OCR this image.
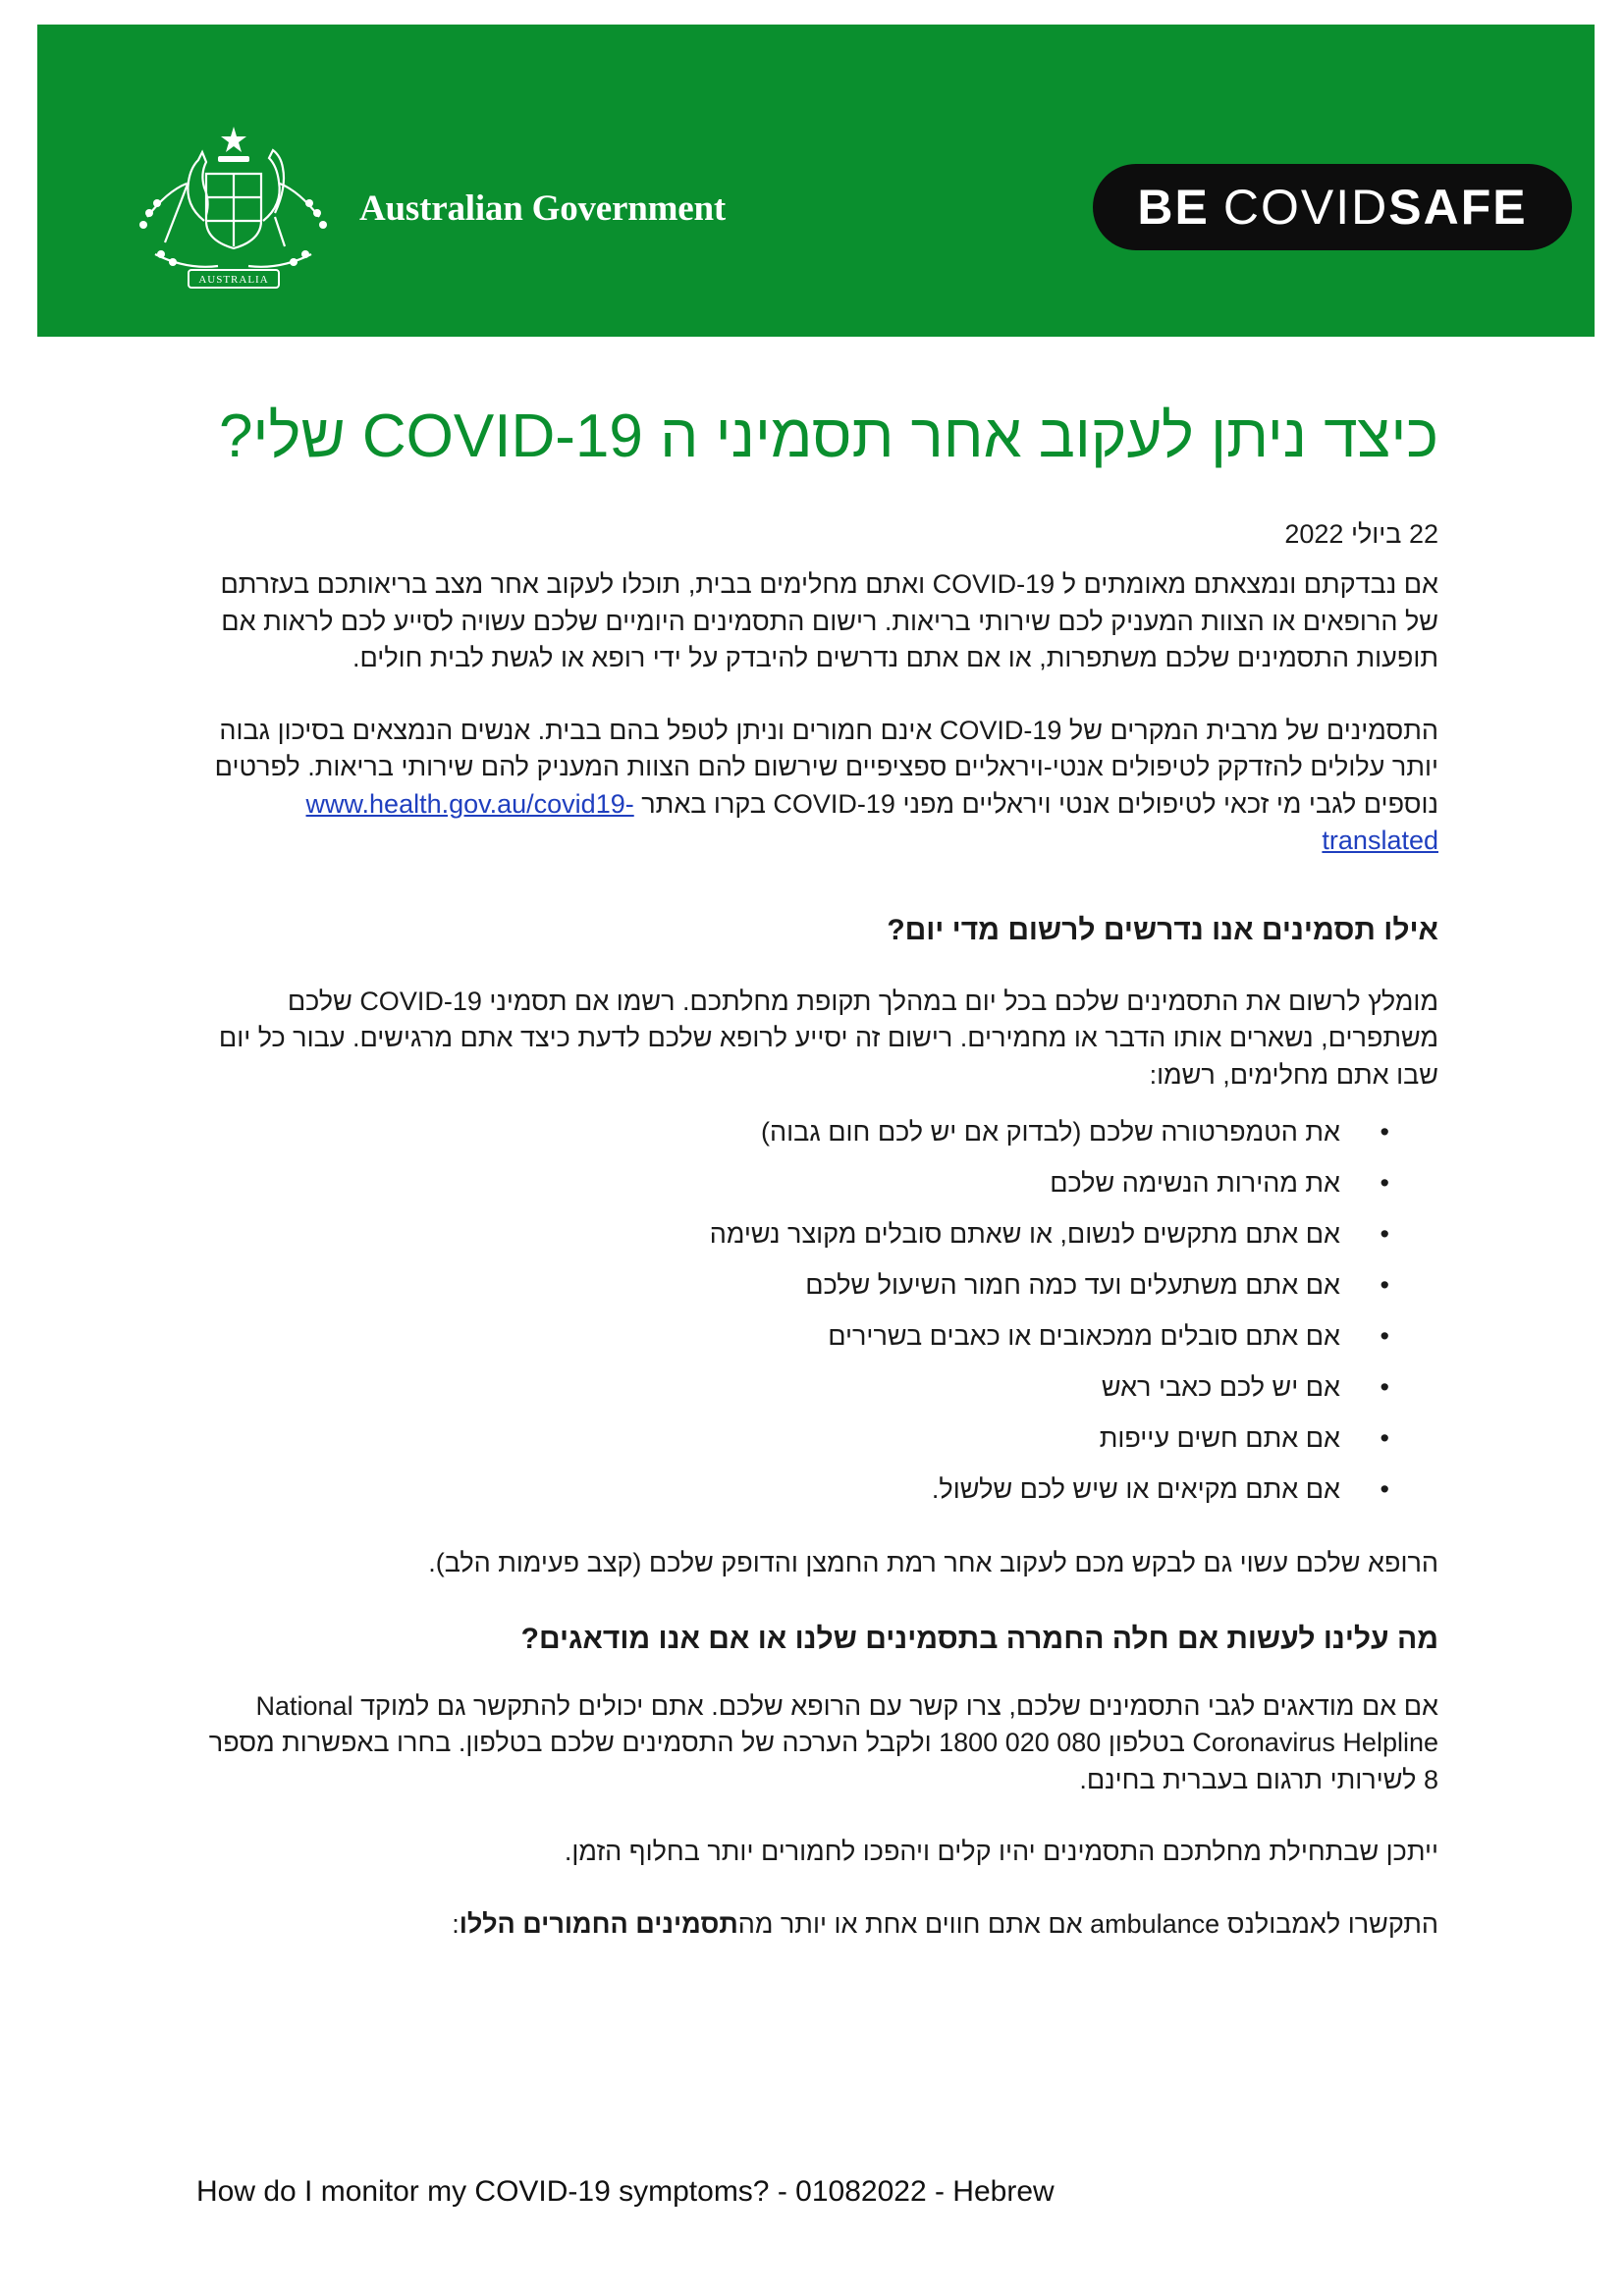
AUSTRALIA
Australian Government	BE COVID SAFE
כיצד ניתן לעקוב אחר תסמיני ה COVID-19 שלי?
22 ביולי 2022

אם נבדקתם ונמצאתם מאומתים ל COVID-19 ואתם מחלימים בבית, תוכלו לעקוב אחר מצב בריאותכם בעזרתם של הרופאים או הצוות המעניק לכם שירותי בריאות. רישום התסמינים היומיים שלכם עשויה לסייע לכם לראות אם תופעות התסמינים שלכם משתפרות, או אם אתם נדרשים להיבדק על ידי רופא או לגשת לבית חולים.

התסמינים של מרבית המקרים של COVID-19 אינם חמורים וניתן לטפל בהם בבית. אנשים הנמצאים בסיכון גבוה יותר עלולים להזדקק לטיפולים אנטי-ויראליים ספציפיים שירשום להם הצוות המעניק להם שירותי בריאות. לפרטים נוספים לגבי מי זכאי לטיפולים אנטי ויראליים מפני COVID-19 בקרו באתר www.health.gov.au/covid19-translated

אילו תסמינים אנו נדרשים לרשום מדי יום?

מומלץ לרשום את התסמינים שלכם בכל יום במהלך תקופת מחלתכם. רשמו אם תסמיני COVID-19 שלכם משתפרים, נשארים אותו הדבר או מחמירים. רישום זה יסייע לרופא שלכם לדעת כיצד אתם מרגישים. עבור כל יום שבו אתם מחלימים, רשמו:

• את הטמפרטורה שלכם (לבדוק אם יש לכם חום גבוה)
• את מהירות הנשימה שלכם
• אם אתם מתקשים לנשום, או שאתם סובלים מקוצר נשימה
• אם אתם משתעלים ועד כמה חמור השיעול שלכם
• אם אתם סובלים ממכאובים או כאבים בשרירים
• אם יש לכם כאבי ראש
• אם אתם חשים עייפות
• אם אתם מקיאים או שיש לכם שלשול.

הרופא שלכם עשוי גם לבקש מכם לעקוב אחר רמת החמצן והדופק שלכם (קצב פעימות הלב).

מה עלינו לעשות אם חלה החמרה בתסמינים שלנו או אם אנו מודאגים?

אם אם מודאגים לגבי התסמינים שלכם, צרו קשר עם הרופא שלכם. אתם יכולים להתקשר גם למוקד National Coronavirus Helpline בטלפון 080 020 1800 ולקבל הערכה של התסמינים שלכם בטלפון. בחרו באפשרות מספר 8 לשירותי תרגום בעברית בחינם.

ייתכן שבתחילת מחלתכם התסמינים יהיו קלים ויהפכו לחמורים יותר בחלוף הזמן.

התקשרו לאמבולנס ambulance אם אתם חווים אחת או יותר מהתסמינים החמורים הללו:

How do I monitor my COVID-19 symptoms? - 01082022 - Hebrew
